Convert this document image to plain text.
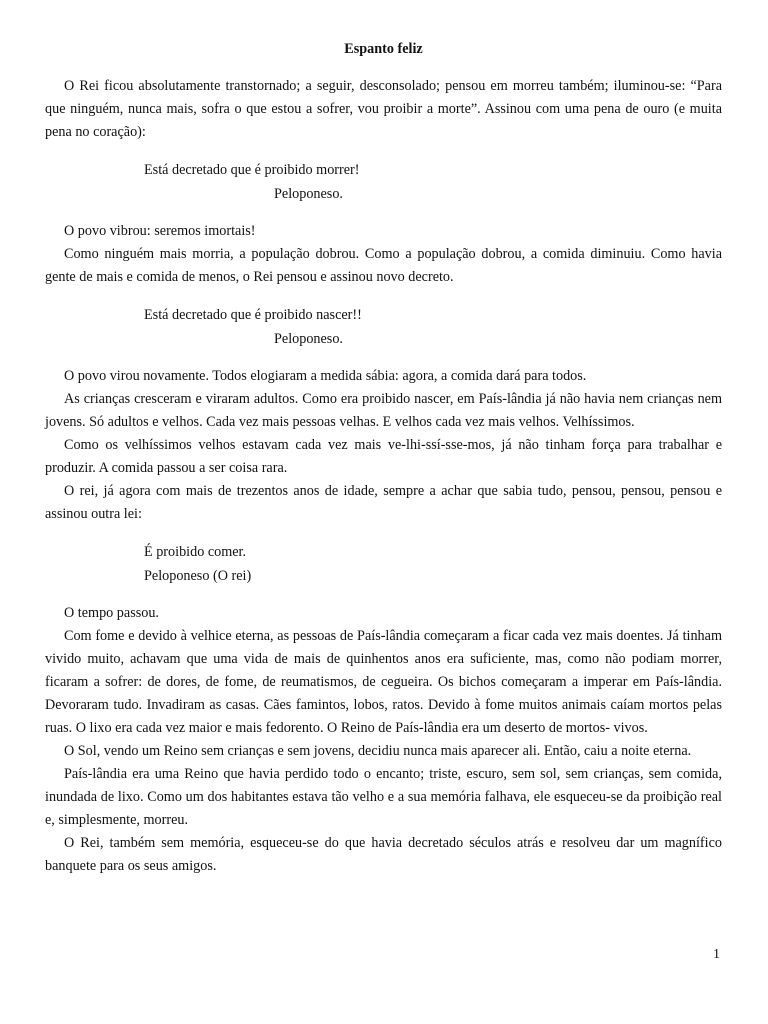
Espanto feliz

O Rei ficou absolutamente transtornado; a seguir, desconsolado; pensou em morreu também; iluminou-se: “Para que ninguém, nunca mais, sofra o que estou a sofrer, vou proibir a morte”. Assinou com uma pena de ouro (e muita pena no coração):

Está decretado que é proibido morrer!

Peloponeso.

O povo vibrou: seremos imortais!

Como ninguém mais morria, a população dobrou. Como a população dobrou, a comida diminuiu. Como havia gente de mais e comida de menos, o Rei pensou e assinou novo decreto.

Está decretado que é proibido nascer!!

Peloponeso.

O povo virou novamente. Todos elogiaram a medida sábia: agora, a comida dará para todos.

As crianças cresceram e viraram adultos. Como era proibido nascer, em País-lândia já não havia nem crianças nem jovens. Só adultos e velhos. Cada vez mais pessoas velhas. E velhos cada vez mais velhos. Velhíssimos.

Como os velhíssimos velhos estavam cada vez mais ve-lhi-ssí-sse-mos, já não tinham força para trabalhar e produzir. A comida passou a ser coisa rara.

O rei, já agora com mais de trezentos anos de idade, sempre a achar que sabia tudo, pensou, pensou, pensou e assinou outra lei:

É proibido comer.

Peloponeso (O rei)

O tempo passou.

Com fome e devido à velhice eterna, as pessoas de País-lândia começaram a ficar cada vez mais doentes. Já tinham vivido muito, achavam que uma vida de mais de quinhentos anos era suficiente, mas, como não podiam morrer, ficaram a sofrer: de dores, de fome, de reumatismos, de cegueira. Os bichos começaram a imperar em País-lândia. Devoraram tudo. Invadiram as casas. Cães famintos, lobos, ratos. Devido à fome muitos animais caíam mortos pelas ruas. O lixo era cada vez maior e mais fedorento. O Reino de País-lândia era um deserto de mortos- vivos.

O Sol, vendo um Reino sem crianças e sem jovens, decidiu nunca mais aparecer ali. Então, caiu a noite eterna.

País-lândia era uma Reino que havia perdido todo o encanto; triste, escuro, sem sol, sem crianças, sem comida, inundada de lixo. Como um dos habitantes estava tão velho e a sua memória falhava, ele esqueceu-se da proibição real e, simplesmente, morreu.

O Rei, também sem memória, esqueceu-se do que havia decretado séculos atrás e resolveu dar um magnífico banquete para os seus amigos.

1
